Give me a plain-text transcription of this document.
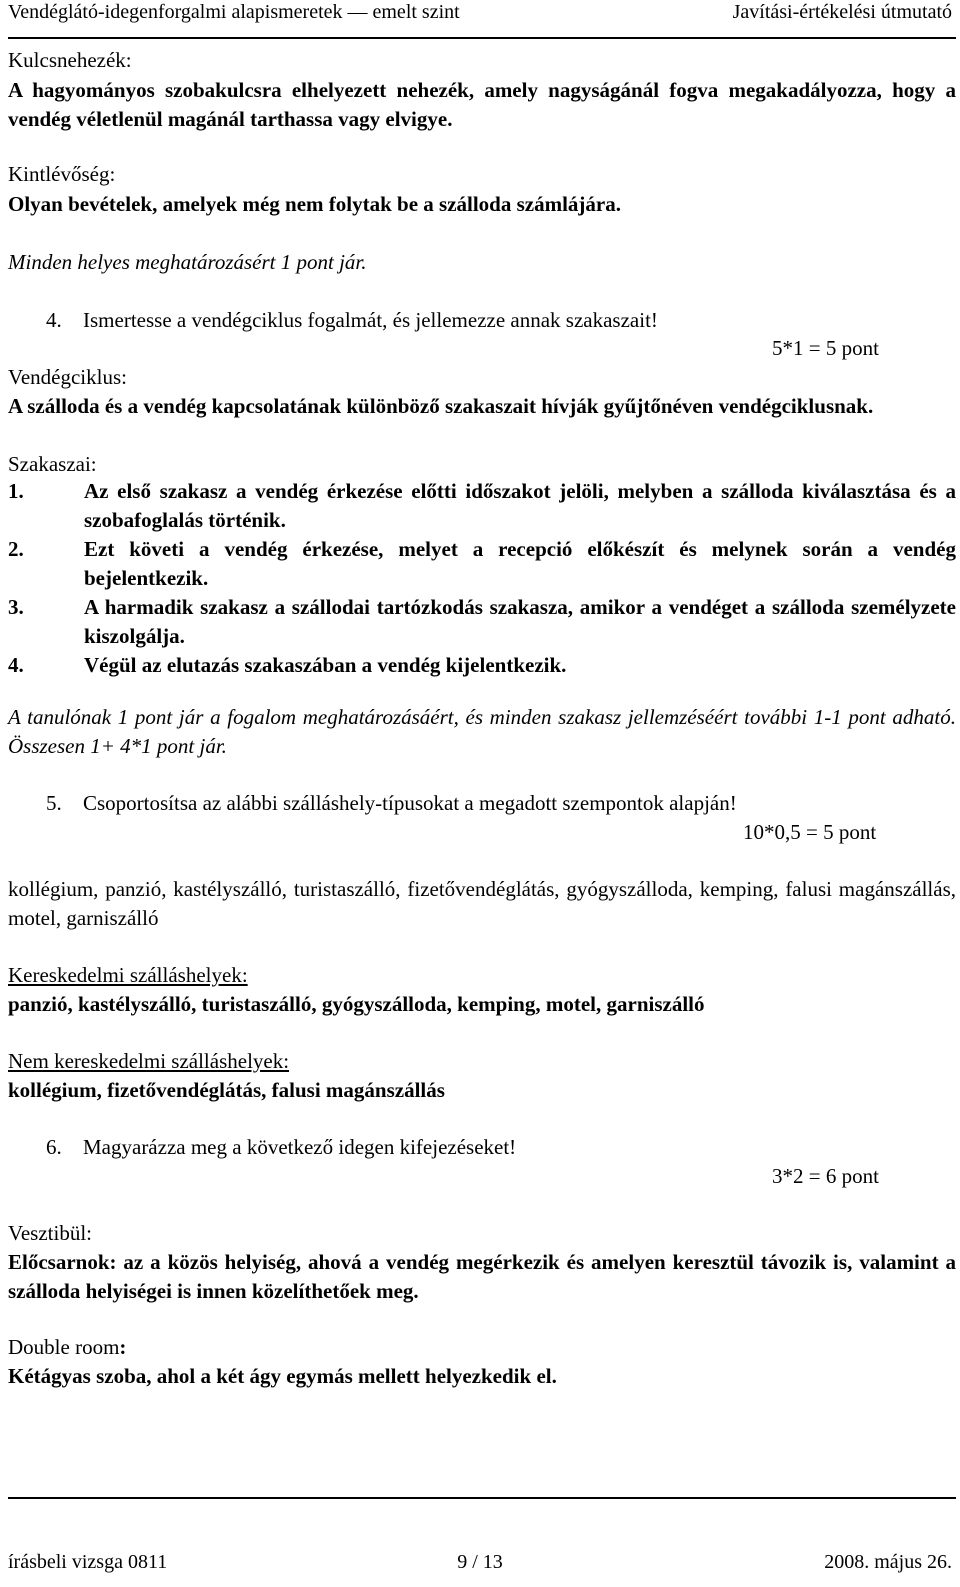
Vendéglátó-idegenforgalmi alapismeretek — emelt szint	Javítási-értékelési útmutató
Kulcsnehezék:
A hagyományos szobakulcsra elhelyezett nehezék, amely nagyságánál fogva megakadályozza, hogy a vendég véletlenül magánál tarthassa vagy elvigye.
Kintlévőség:
Olyan bevételek, amelyek még nem folytak be a szálloda számlájára.
Minden helyes meghatározásért 1 pont jár.
4. Ismertesse a vendégciklus fogalmát, és jellemezze annak szakaszait!
5*1 = 5 pont
Vendégciklus:
A szálloda és a vendég kapcsolatának különböző szakaszait hívják gyűjtőnéven vendégciklusnak.
Szakaszai:
1.	Az első szakasz a vendég érkezése előtti időszakot jelöli, melyben a szálloda kiválasztása és a szobafoglalás történik.
2.	Ezt követi a vendég érkezése, melyet a recepció előkészít és melynek során a vendég bejelentkezik.
3.	A harmadik szakasz a szállodai tartózkodás szakasza, amikor a vendéget a szálloda személyzete kiszolgálja.
4.	Végül az elutazás szakaszában a vendég kijelentkezik.
A tanulónak 1 pont jár a fogalom meghatározásáért, és minden szakasz jellemzéséért további 1-1 pont adható. Összesen 1+ 4*1 pont jár.
5. Csoportosítsa az alábbi szálláshely-típusokat a megadott szempontok alapján!
10*0,5 = 5 pont
kollégium, panzió, kastélyszálló, turistaszálló, fizetővendéglátás, gyógyszálloda, kemping, falusi magánszállás, motel, garniszálló
Kereskedelmi szálláshelyek:
panzió, kastélyszálló, turistaszálló, gyógyszálloda, kemping, motel, garniszálló
Nem kereskedelmi szálláshelyek:
kollégium, fizetővendéglátás, falusi magánszállás
6. Magyarázza meg a következő idegen kifejezéseket!
3*2 = 6 pont
Vesztibül:
Előcsarnok: az a közös helyiség, ahová a vendég megérkezik és amelyen keresztül távozik is, valamint a szálloda helyiségei is innen közelíthetőek meg.
Double room:
Kétágyas szoba, ahol a két ágy egymás mellett helyezkedik el.
írásbeli vizsga 0811	9 / 13	2008. május 26.
